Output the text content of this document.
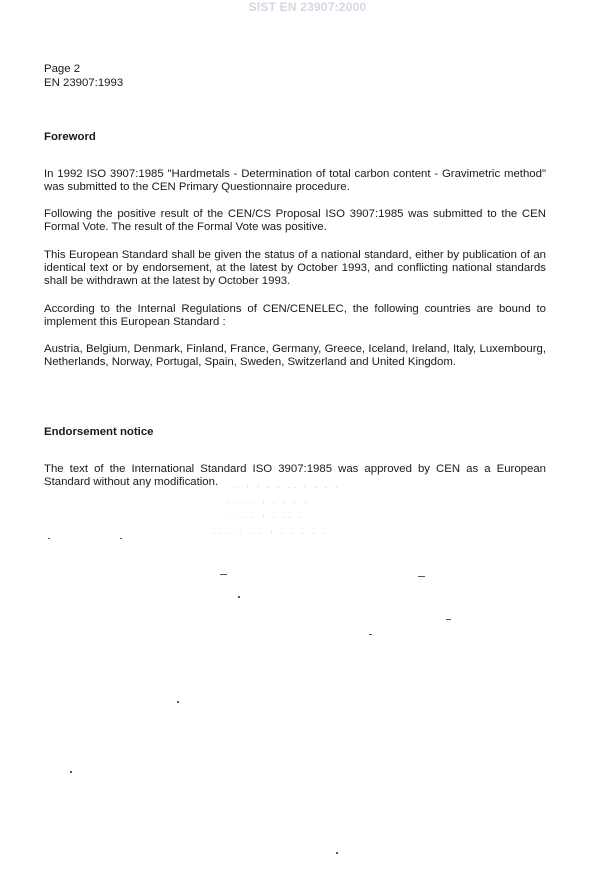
SIST EN 23907:2000
Page 2
EN 23907:1993
Foreword
In 1992 ISO 3907:1985 "Hardmetals - Determination of total carbon content - Gravimetric method" was submitted to the CEN Primary Questionnaire procedure.
Following the positive result of the CEN/CS Proposal ISO 3907:1985 was submitted to the CEN Formal Vote. The result of the Formal Vote was positive.
This European Standard shall be given the status of a national standard, either by publication of an identical text or by endorsement, at the latest by October 1993, and conflicting national standards shall be withdrawn at the latest by October 1993.
According to the Internal Regulations of CEN/CENELEC, the following countries are bound to implement this European Standard :
Austria, Belgium, Denmark, Finland, France, Germany, Greece, Iceland, Ireland, Italy, Luxembourg, Netherlands, Norway, Portugal, Spain, Sweden, Switzerland and United Kingdom.
Endorsement notice
The text of the International Standard ISO 3907:1985 was approved by CEN as a European Standard without any modification.	. : : . . .. : . . .
. .. . : . . . .
. . . : . .. .
.. . . . . : . . . . .
